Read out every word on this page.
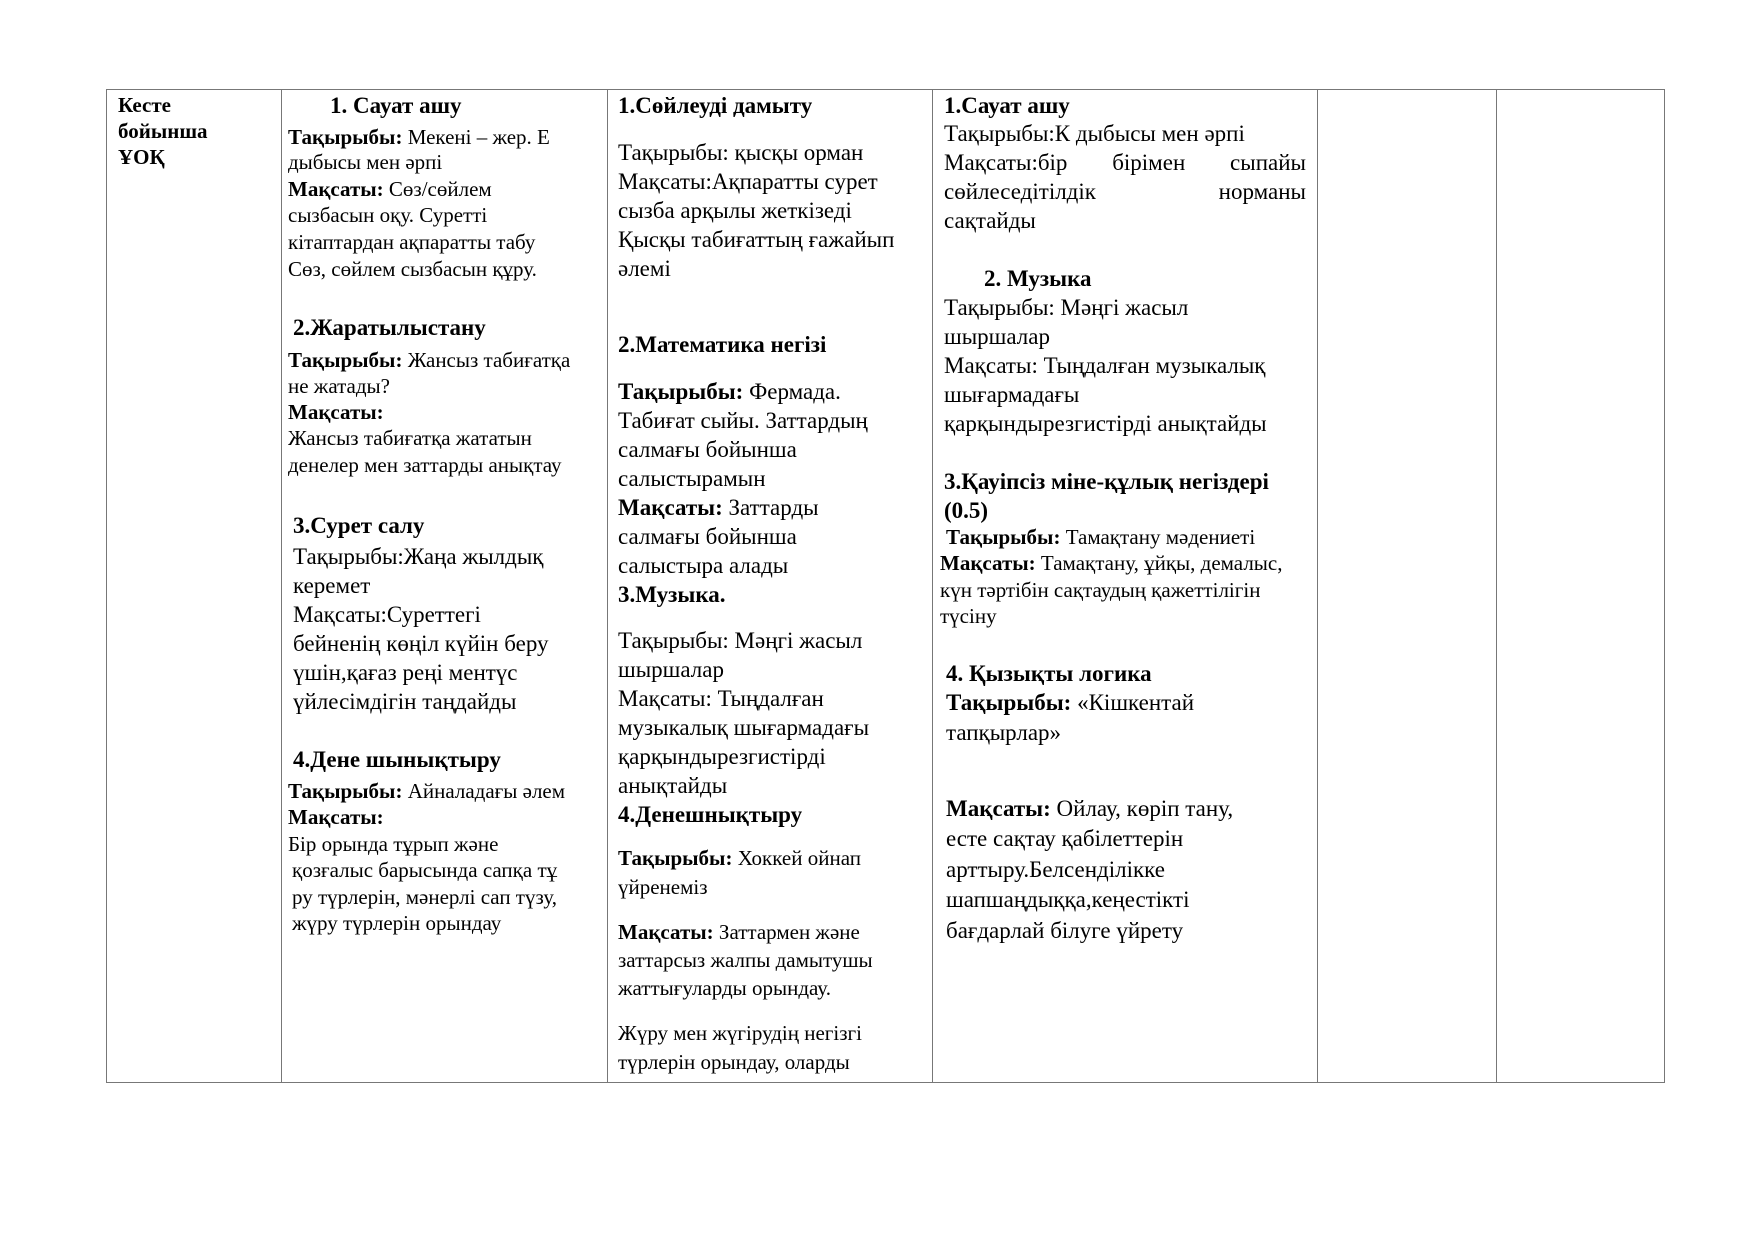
Кесте
бойынша
ҰОҚ
1. Сауат ашу
Тақырыбы: Мекені – жер. Е
дыбысы мен әрпі
Мақсаты: Сөз/сөйлем
сызбасын оқу. Суретті
кітаптардан ақпаратты табу
Сөз, сөйлем сызбасын құру.
2.Жаратылыстану
Тақырыбы: Жансыз табиғатқа
не жатады?
Мақсаты:
Жансыз табиғатқа жататын
денелер мен заттарды анықтау
3.Сурет салу
Тақырыбы:Жаңа жылдық
керемет
Мақсаты:Суреттегі
бейненің көңіл күйін беру
үшін,қағаз реңі ментүс
үйлесімдігін таңдайды
4.Дене шынықтыру
Тақырыбы: Айналадағы әлем
Мақсаты:
Бір орында тұрып және
қозғалыс барысында сапқа тұ
ру түрлерін, мәнерлі сап түзу,
жүру түрлерін орындау
1.Сөйлеуді дамыту
Тақырыбы: қысқы орман
Мақсаты:Ақпаратты сурет
сызба арқылы жеткізеді
Қысқы табиғаттың ғажайып
әлемі
2.Математика негізі
Тақырыбы: Фермада.
Табиғат сыйы. Заттардың
салмағы бойынша
салыстырамын
Мақсаты: Заттарды
салмағы бойынша
салыстыра алады
3.Музыка.
Тақырыбы: Мәңгі жасыл
шыршалар
Мақсаты: Тыңдалған
музыкалық шығармадағы
қарқындырезгистірді
анықтайды
4.Денешнықтыру
Тақырыбы: Хоккей ойнап
үйренеміз
Мақсаты: Заттармен және
заттарсыз жалпы дамытушы
жаттығуларды орындау.
Жүру мен жүгірудің негізгі
түрлерін орындау, оларды
1.Сауат ашу
Тақырыбы:К дыбысы мен әрпі
Мақсаты:бір бірімен сыпайы
сөйлеседітілдік	норманы
сақтайды
2. Музыка
Тақырыбы: Мәңгі жасыл
шыршалар
Мақсаты: Тыңдалған музыкалық
шығармадағы
қарқындырезгистірді анықтайды
3.Қауіпсіз міне-құлық негіздері
(0.5)
Тақырыбы: Тамақтану мәдениеті
Мақсаты: Тамақтану, ұйқы, демалыс,
күн тәртібін сақтаудың қажеттілігін
түсіну
4. Қызықты логика
Тақырыбы: «Кішкентай
тапқырлар»
Мақсаты: Ойлау, көріп тану,
есте сақтау қабілеттерін
арттыру.Белсенділікке
шапшаңдыққа,кеңестікті
бағдарлай білуге үйрету
